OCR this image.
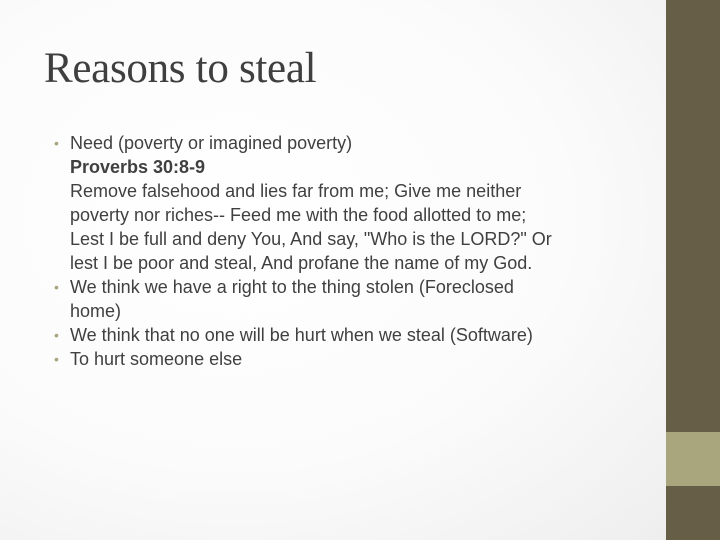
Reasons to steal
• Need (poverty or imagined poverty)
Proverbs 30:8-9
Remove falsehood and lies far from me; Give me neither
poverty nor riches-- Feed me with the food allotted to me;
Lest I be full and deny You, And say, "Who is the LORD?" Or
lest I be poor and steal, And profane the name of my God.
• We think we have a right to the thing stolen (Foreclosed
home)
• We think that no one will be hurt when we steal (Software)
• To hurt someone else
